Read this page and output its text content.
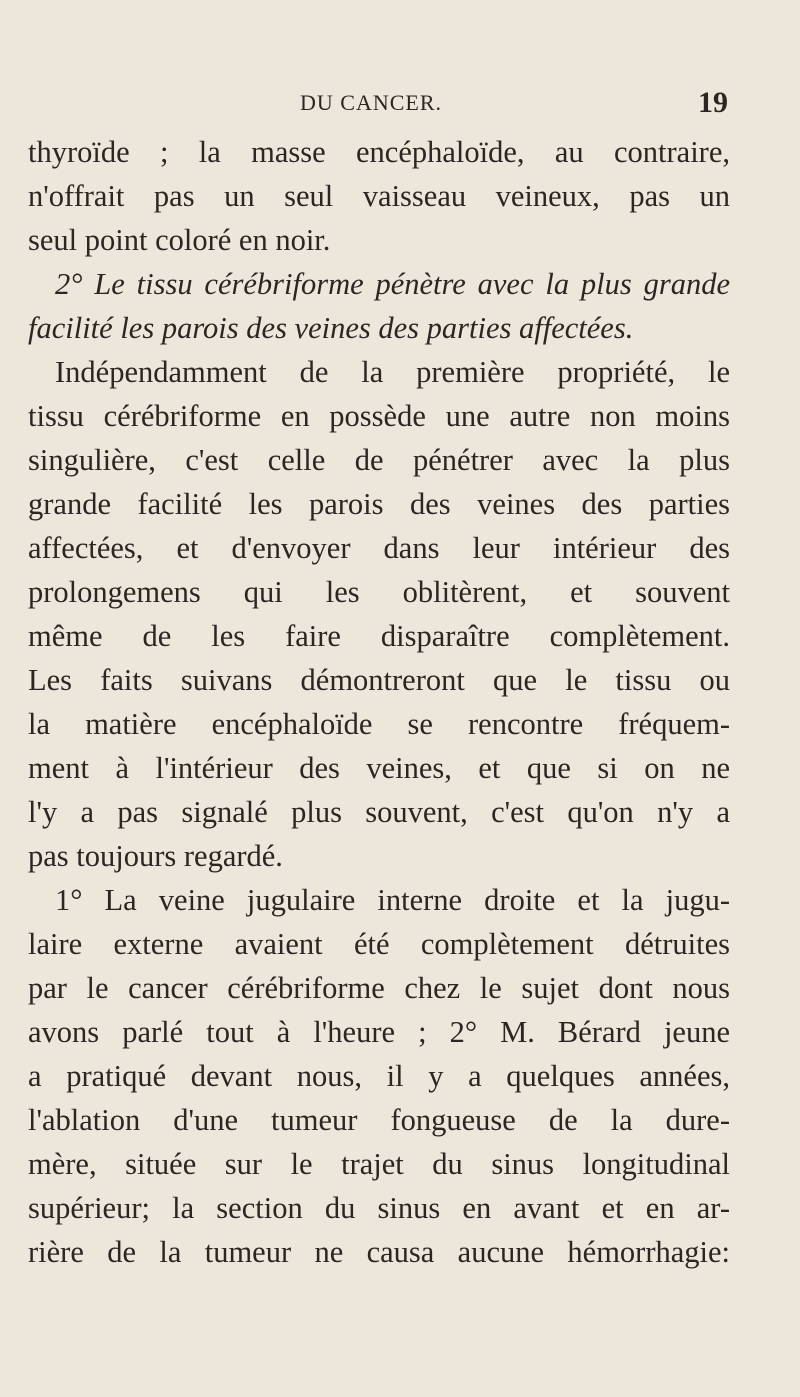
DU CANCER.	19
thyroïde ; la masse encéphaloïde, au contraire,
n'offrait pas un seul vaisseau veineux, pas un
seul point coloré en noir.
2° Le tissu cérébriforme pénètre avec la plus grande
facilité les parois des veines des parties affectées.
Indépendamment de la première propriété, le
tissu cérébriforme en possède une autre non moins
singulière, c'est celle de pénétrer avec la plus
grande facilité les parois des veines des parties
affectées, et d'envoyer dans leur intérieur des
prolongemens qui les oblitèrent, et souvent
même de les faire disparaître complètement.
Les faits suivans démontreront que le tissu ou
la matière encéphaloïde se rencontre fréquem-
ment à l'intérieur des veines, et que si on ne
l'y a pas signalé plus souvent, c'est qu'on n'y a
pas toujours regardé.
1° La veine jugulaire interne droite et la jugu-
laire externe avaient été complètement détruites
par le cancer cérébriforme chez le sujet dont nous
avons parlé tout à l'heure ; 2° M. Bérard jeune
a pratiqué devant nous, il y a quelques années,
l'ablation d'une tumeur fongueuse de la dure-
mère, située sur le trajet du sinus longitudinal
supérieur; la section du sinus en avant et en ar-
rière de la tumeur ne causa aucune hémorrhagie:
